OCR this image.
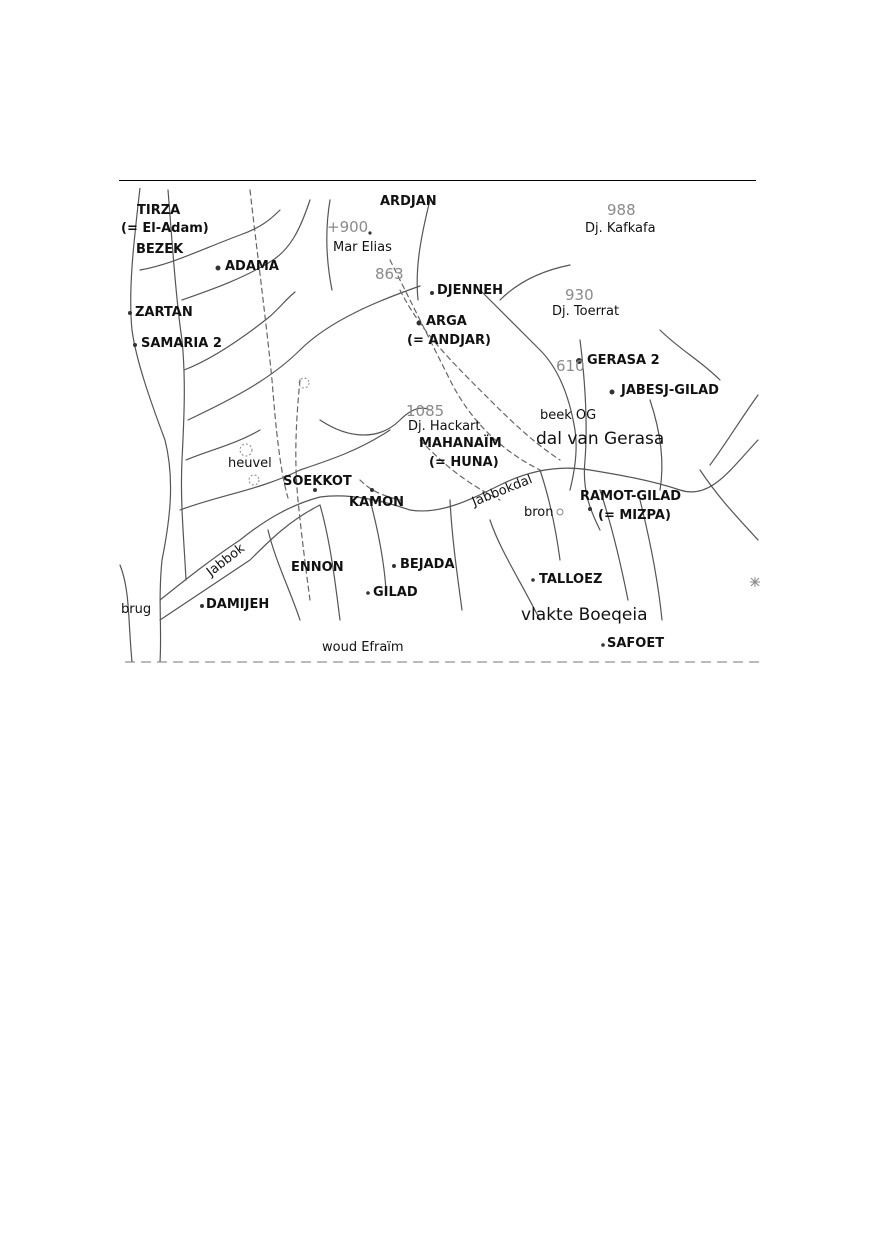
TIRZA
(= El-Adam)
BEZEK
ADAMA
ZARTAN
SAMARIA 2
ARDJAN
DJENNEH
ARGA
(= ANDJAR)
GERASA 2
JABESJ-GILAD
MAHANAÏM
(= HUNA)
SOEKKOT
KAMON	RAMOT-GILAD
(= MIZPA)
ENNON	BEJADA
TALLOEZ
GILAD
DAMIJEH
SAFOET
Mar Elias
Dj. Kafkafa
Dj. Toerrat
beek OG
dal van Gerasa
Dj. Hackart
heuvel
Jabbokdal
bron
Jabbok
brug	vlakte Boeqeia
woud Efraïm
988
+900
863
930
610
1085
